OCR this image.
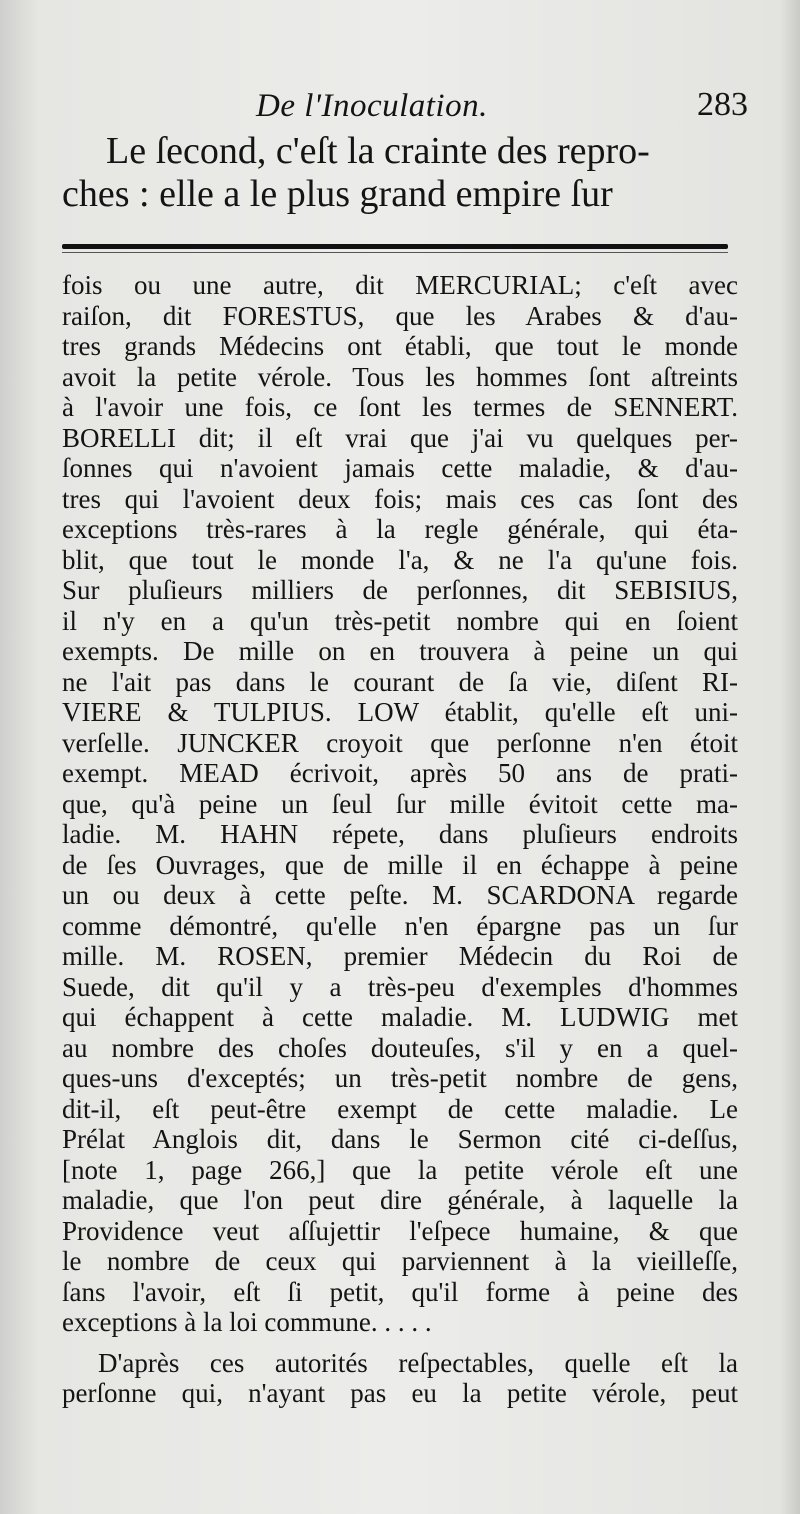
De l'Inoculation.	283
Le ſecond, c'eſt la crainte des repro-
ches : elle a le plus grand empire ſur
fois ou une autre, dit MERCURIAL; c'eſt avec
raiſon, dit FORESTUS, que les Arabes & d'au-
tres grands Médecins ont établi, que tout le monde
avoit la petite vérole. Tous les hommes ſont aſtreints
à l'avoir une fois, ce ſont les termes de SENNERT.
BORELLI dit; il eſt vrai que j'ai vu quelques per-
ſonnes qui n'avoient jamais cette maladie, & d'au-
tres qui l'avoient deux fois; mais ces cas ſont des
exceptions très-rares à la regle générale, qui éta-
blit, que tout le monde l'a, & ne l'a qu'une fois.
Sur pluſieurs milliers de perſonnes, dit SEBISIUS,
il n'y en a qu'un très-petit nombre qui en ſoient
exempts. De mille on en trouvera à peine un qui
ne l'ait pas dans le courant de ſa vie, diſent RI-
VIERE & TULPIUS. LOW établit, qu'elle eſt uni-
verſelle. JUNCKER croyoit que perſonne n'en étoit
exempt. MEAD écrivoit, après 50 ans de prati-
que, qu'à peine un ſeul ſur mille évitoit cette ma-
ladie. M. HAHN répete, dans pluſieurs endroits
de ſes Ouvrages, que de mille il en échappe à peine
un ou deux à cette peſte. M. SCARDONA regarde
comme démontré, qu'elle n'en épargne pas un ſur
mille. M. ROSEN, premier Médecin du Roi de
Suede, dit qu'il y a très-peu d'exemples d'hommes
qui échappent à cette maladie. M. LUDWIG met
au nombre des choſes douteuſes, s'il y en a quel-
ques-uns d'exceptés; un très-petit nombre de gens,
dit-il, eſt peut-être exempt de cette maladie. Le
Prélat Anglois dit, dans le Sermon cité ci-deſſus,
[note 1, page 266,] que la petite vérole eſt une
maladie, que l'on peut dire générale, à laquelle la
Providence veut aſſujettir l'eſpece humaine, & que
le nombre de ceux qui parviennent à la vieilleſſe,
ſans l'avoir, eſt ſi petit, qu'il forme à peine des
exceptions à la loi commune. . . . .
D'après ces autorités reſpectables, quelle eſt la
perſonne qui, n'ayant pas eu la petite vérole, peut
